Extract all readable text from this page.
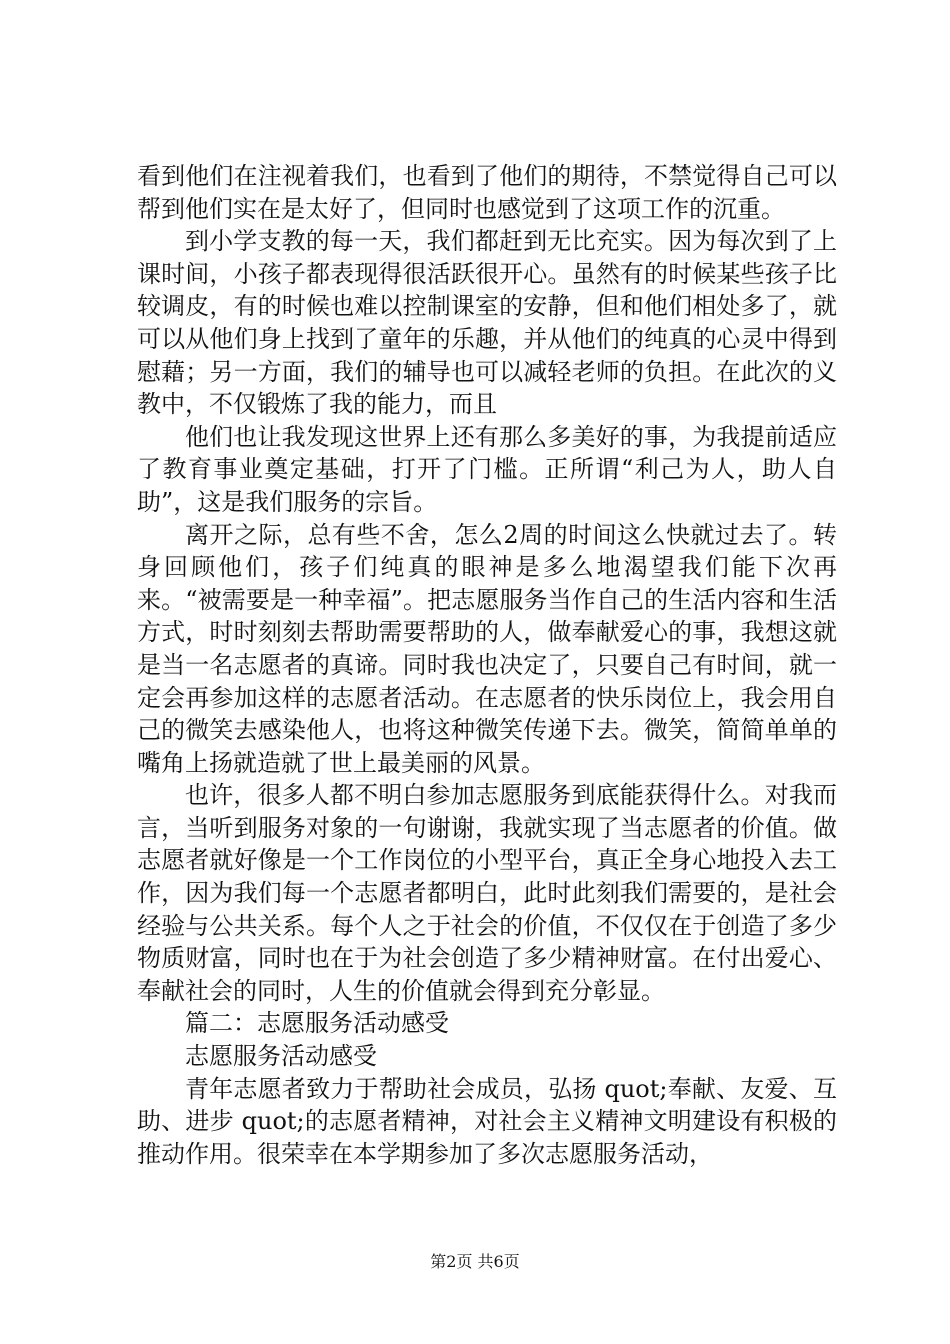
看到他们在注视着我们，也看到了他们的期待，不禁觉得自己可以帮到他们实在是太好了，但同时也感觉到了这项工作的沉重。

到小学支教的每一天，我们都赶到无比充实。因为每次到了上课时间，小孩子都表现得很活跃很开心。虽然有的时候某些孩子比较调皮，有的时候也难以控制课室的安静，但和他们相处多了，就可以从他们身上找到了童年的乐趣，并从他们的纯真的心灵中得到慰藉；另一方面，我们的辅导也可以减轻老师的负担。在此次的义教中，不仅锻炼了我的能力，而且

他们也让我发现这世界上还有那么多美好的事，为我提前适应了教育事业奠定基础，打开了门槛。正所谓“利己为人，助人自助”，这是我们服务的宗旨。

离开之际，总有些不舍，怎么2周的时间这么快就过去了。转身回顾他们，孩子们纯真的眼神是多么地渴望我们能下次再来。“被需要是一种幸福”。把志愿服务当作自己的生活内容和生活方式，时时刻刻去帮助需要帮助的人，做奉献爱心的事，我想这就是当一名志愿者的真谛。同时我也决定了，只要自己有时间，就一定会再参加这样的志愿者活动。在志愿者的快乐岗位上，我会用自己的微笑去感染他人，也将这种微笑传递下去。微笑，简简单单的嘴角上扬就造就了世上最美丽的风景。

也许，很多人都不明白参加志愿服务到底能获得什么。对我而言，当听到服务对象的一句谢谢，我就实现了当志愿者的价值。做志愿者就好像是一个工作岗位的小型平台，真正全身心地投入去工作，因为我们每一个志愿者都明白，此时此刻我们需要的，是社会经验与公共关系。每个人之于社会的价值，不仅仅在于创造了多少物质财富，同时也在于为社会创造了多少精神财富。在付出爱心、奉献社会的同时，人生的价值就会得到充分彰显。

篇二：志愿服务活动感受

志愿服务活动感受

青年志愿者致力于帮助社会成员，弘扬 quot;奉献、友爱、互助、进步 quot;的志愿者精神，对社会主义精神文明建设有积极的推动作用。很荣幸在本学期参加了多次志愿服务活动，

第2页 共6页
